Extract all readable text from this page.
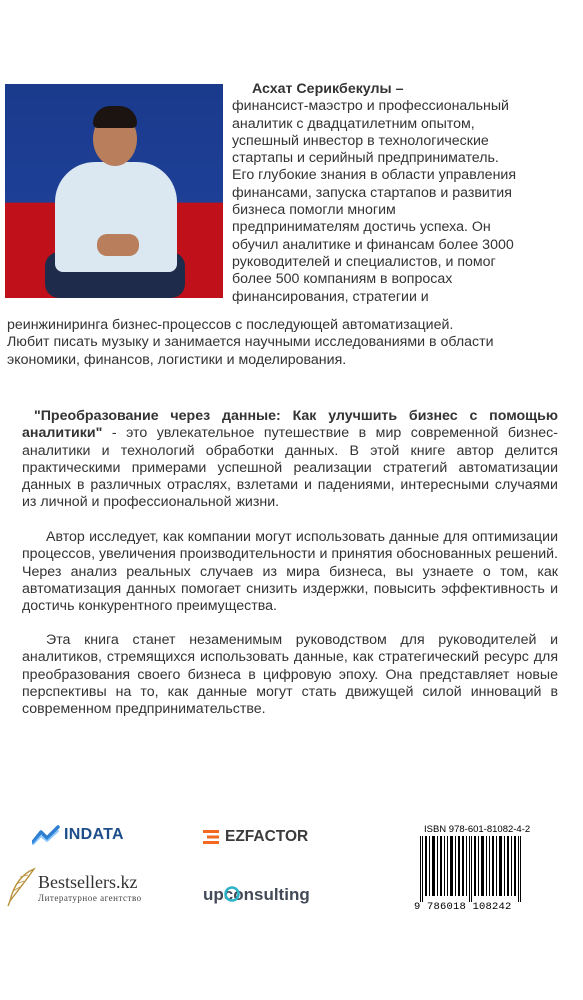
Асхат Серикбекулы –
финансист-маэстро и профессиональный
аналитик с двадцатилетним опытом,
успешный инвестор в технологические
стартапы и серийный предприниматель.
Его глубокие знания в области управления
финансами, запуска стартапов и развития
бизнеса помогли многим
предпринимателям достичь успеха. Он
обучил аналитике и финансам более 3000
руководителей и специалистов, и помог
более 500 компаниям в вопросах
финансирования, стратегии и
реинжиниринга бизнес-процессов с последующей автоматизацией.
Любит писать музыку и занимается научными исследованиями в области
экономики, финансов, логистики и моделирования.
"Преобразование через данные: Как улучшить бизнес с помощью аналитики" - это увлекательное путешествие в мир современной бизнес-аналитики и технологий обработки данных. В этой книге автор делится практическими примерами успешной реализации стратегий автоматизации данных в различных отраслях, взлетами и падениями, интересными случаями из личной и профессиональной жизни.
Автор исследует, как компании могут использовать данные для оптимизации процессов, увеличения производительности и принятия обоснованных решений. Через анализ реальных случаев из мира бизнеса, вы узнаете о том, как автоматизация данных помогает снизить издержки, повысить эффективность и достичь конкурентного преимущества.
Эта книга станет незаменимым руководством для руководителей и аналитиков, стремящихся использовать данные, как стратегический ресурс для преобразования своего бизнеса в цифровую эпоху. Она представляет новые перспективы на то, как данные могут стать движущей силой инноваций в современном предпринимательстве.
INDATA	EZFACTOR
Bestsellers.kz
Литературное агентство	upconsulting
ISBN 978-601-81082-4-2
9 786018 108242
